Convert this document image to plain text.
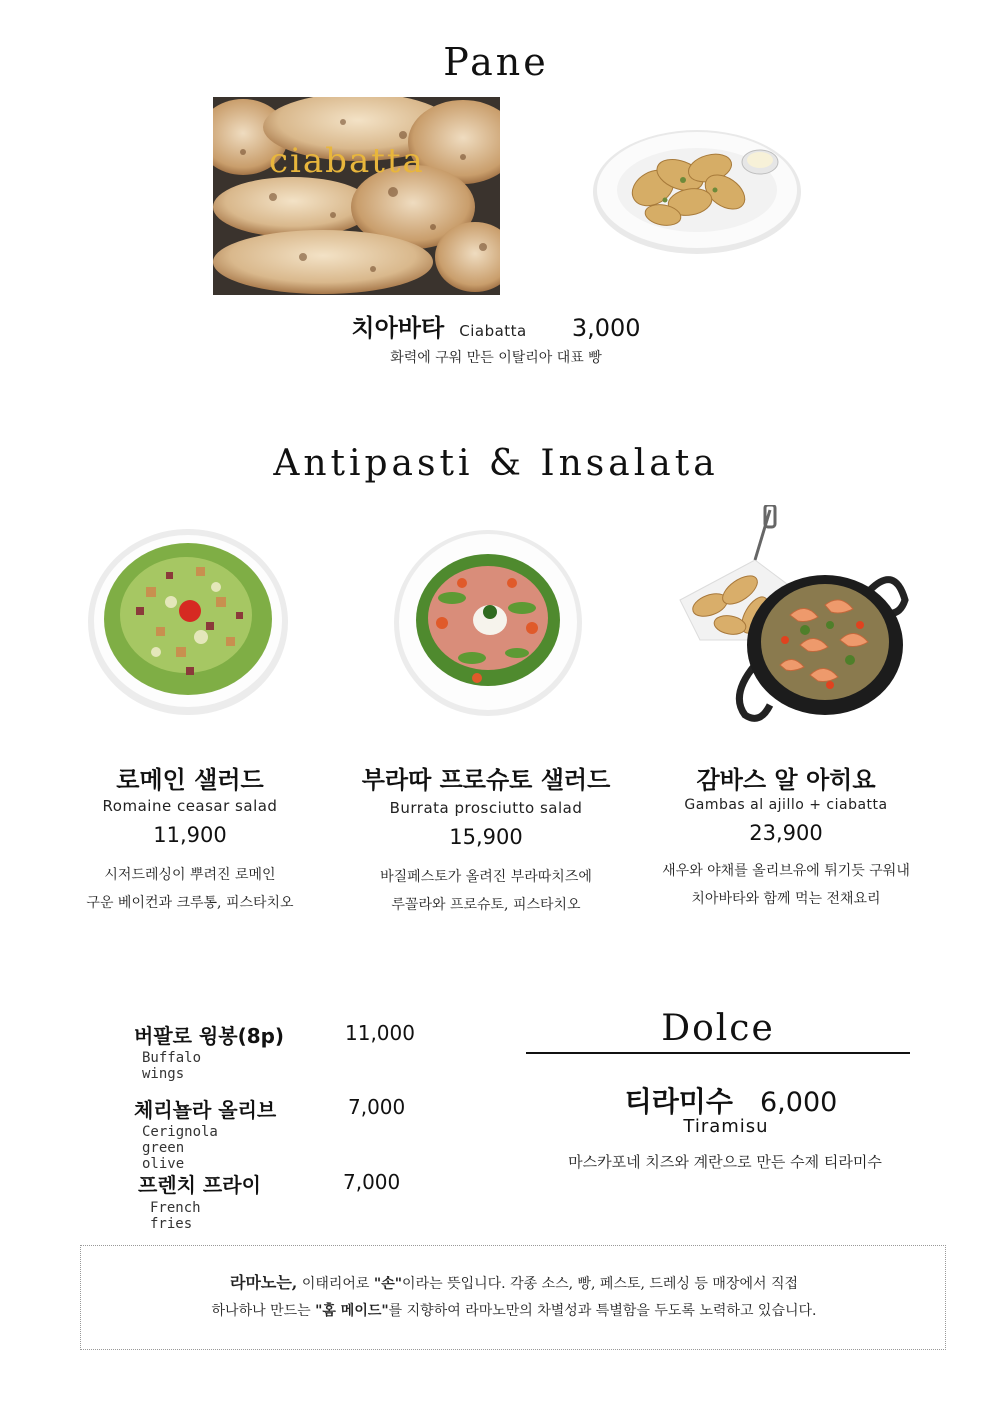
Pane
ciabatta
치아바타 Ciabatta 3,000
화력에 구워 만든 이탈리아 대표 빵
Antipasti & Insalata
로메인 샐러드
Romaine ceasar salad
11,900
시저드레싱이 뿌려진 로메인
구운 베이컨과 크루통, 피스타치오
부라따 프로슈토 샐러드
Burrata prosciutto salad
15,900
바질페스토가 올려진 부라따치즈에
루꼴라와 프로슈토, 피스타치오
감바스 알 아히요
Gambas al ajillo + ciabatta
23,900
새우와 야채를 올리브유에 튀기듯 구워내
치아바타와 함께 먹는 전채요리
버팔로 윙봉(8p)	11,000
Buffalo wings
체리뇰라 올리브	7,000
Cerignola green olive
프렌치 프라이	7,000
French fries
Dolce
티라미수 6,000
Tiramisu
마스카포네 치즈와 계란으로 만든 수제 티라미수
라마노는, 이태리어로 "손"이라는 뜻입니다. 각종 소스, 빵, 페스토, 드레싱 등 매장에서 직접
하나하나 만드는 "홈 메이드"를 지향하여 라마노만의 차별성과 특별함을 두도록 노력하고 있습니다.
